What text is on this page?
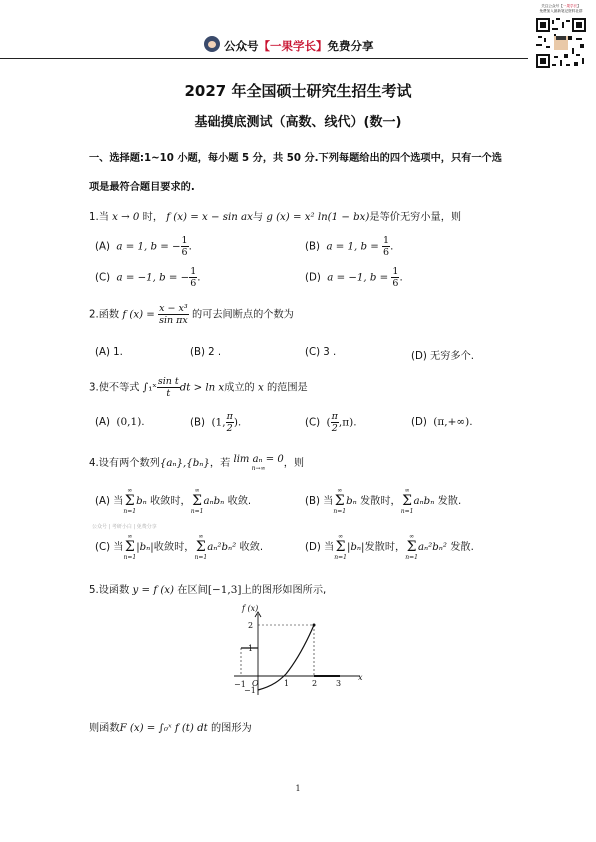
公众号【一果学长】免费分享
关注公众号【一果学长】
免费加入最新笔记资料社群
2027 年全国硕士研究生招生考试
基础摸底测试（高数、线代）(数一)
一、选择题:1~10 小题，每小题 5 分，共 50 分.下列每题给出的四个选项中，只有一个选
项是最符合题目要求的.
1.当 x → 0 时， f (x) = x − sin ax与 g (x) = x² ln(1 − bx)是等价无穷小量，则
(A) a = 1, b = − $\frac{1}{6}$ .	(B) a = 1, $b = \frac{1}{6}$ .
(C) a = −1, b = − $\frac{1}{6}$ .	(D) a = −1, $b = \frac{1}{6}$ .
2.函数 f $(x) = \frac{\text{x − x³}}{\text{sin πx}}$ 的可去间断点的个数为
(A) 1.	(B) 2 .	(C) 3 .	(D) 无穷多个.
3.使不等式 ∫₁ˣ $\frac{\text{sin t}}{t}$ dt > ln x成立的 x 的范围是
(A) (0,1).	(B) (1, $\frac{\pi}{2}$ ).	(C) ( $\frac{\pi}{2} ,\pi$).	(D) (π,+∞).
4.设有两个数列{aₙ},{bₙ}，若 lim aₙ = 0
n→∞	，则
(A) 当
∞
Σ
n=1
bₙ 收敛时，
∞
Σ
n=1
aₙbₙ 收敛.	(B) 当
∞
Σ
n=1
bₙ 发散时，
∞
Σ
n=1
aₙbₙ 发散.
公众号 | 考研小白 | 免费分享
(C) 当
∞
Σ
n=1
|bₙ|收敛时，
∞
Σ
n=1
aₙ²bₙ² 收敛.	(D) 当
∞
Σ
n=1
|bₙ|发散时，
∞
Σ
n=1
aₙ²bₙ² 发散.
5.设函数 y = f (x) 在区间[−1,3]上的图形如图所示,
f (x)
x
−1 O	1	2 3
2
1
−1
则函数F (x) = ∫₀ˣ f (t) dt 的图形为
1
